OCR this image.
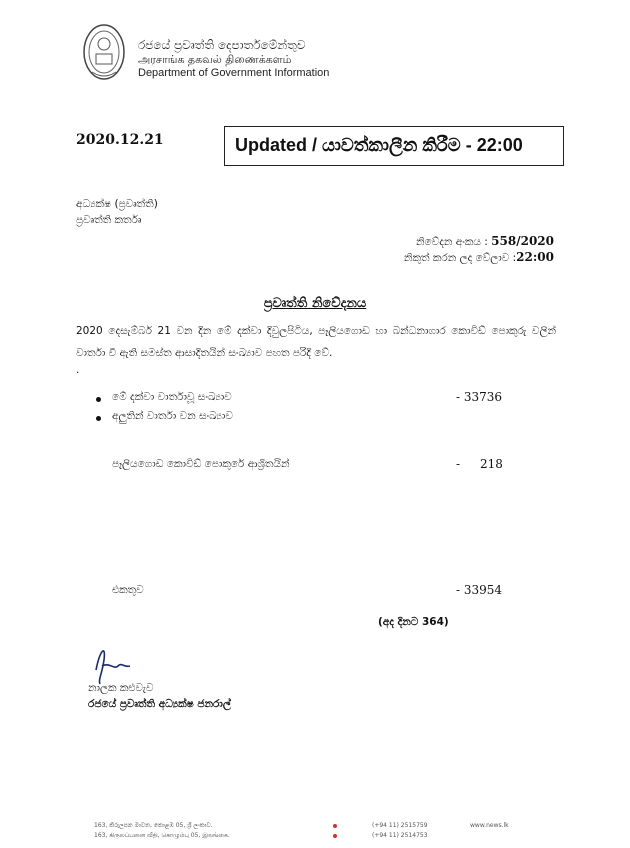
රජයේ ප්‍රවෘත්ති දෙපාර්තමේන්තුව
அரசாங்க தகவல் திணைக்களம்
Department of Government Information
2020.12.21	Updated / යාවත්කාලීන කිරීම - 22:00
අධ්‍යක්ෂ (ප්‍රවෘත්ති)
ප්‍රවෘත්ති කර්තෘ
නිවේදන අංකය : 558/2020
නිකුත් කරන ලද වේලාව :22:00
ප්‍රවෘත්ති නිවේදනය
2020 දෙසැම්බර් 21 වන දින මේ දක්වා දිවුලපිටිය, පෑලියගොඩ හා බන්ධනාගාර කොවිඩ් පොකුරු වලින් වාර්තා වී ඇති සමස්ත ආසාදිතයින් සංඛ්‍යාව පහත පරිදි වේ.
.
මේ දක්වා වාර්තාවූ සංඛ්‍යාව	- 33736
අලුතින් වාර්තා වන සංඛ්‍යාව
පෑලියගොඩ කොවිඩ් පොකුරේ ආශ්‍රිතයින්	- 218
එකතුව	- 33954
(අද දිනට 364)
නාලක කළුවැව
රජයේ ප්‍රවෘත්ති අධ්‍යක්ෂ ජනරාල්
163, කිරුලපන මාවත, කොළඹ 05, ශ්‍රී ලංකාව.
163, கிருலப்பனை வீதி, கொழும்பு 05, இலங்கை.
(+94 11) 2515759
(+94 11) 2514753
www.news.lk
